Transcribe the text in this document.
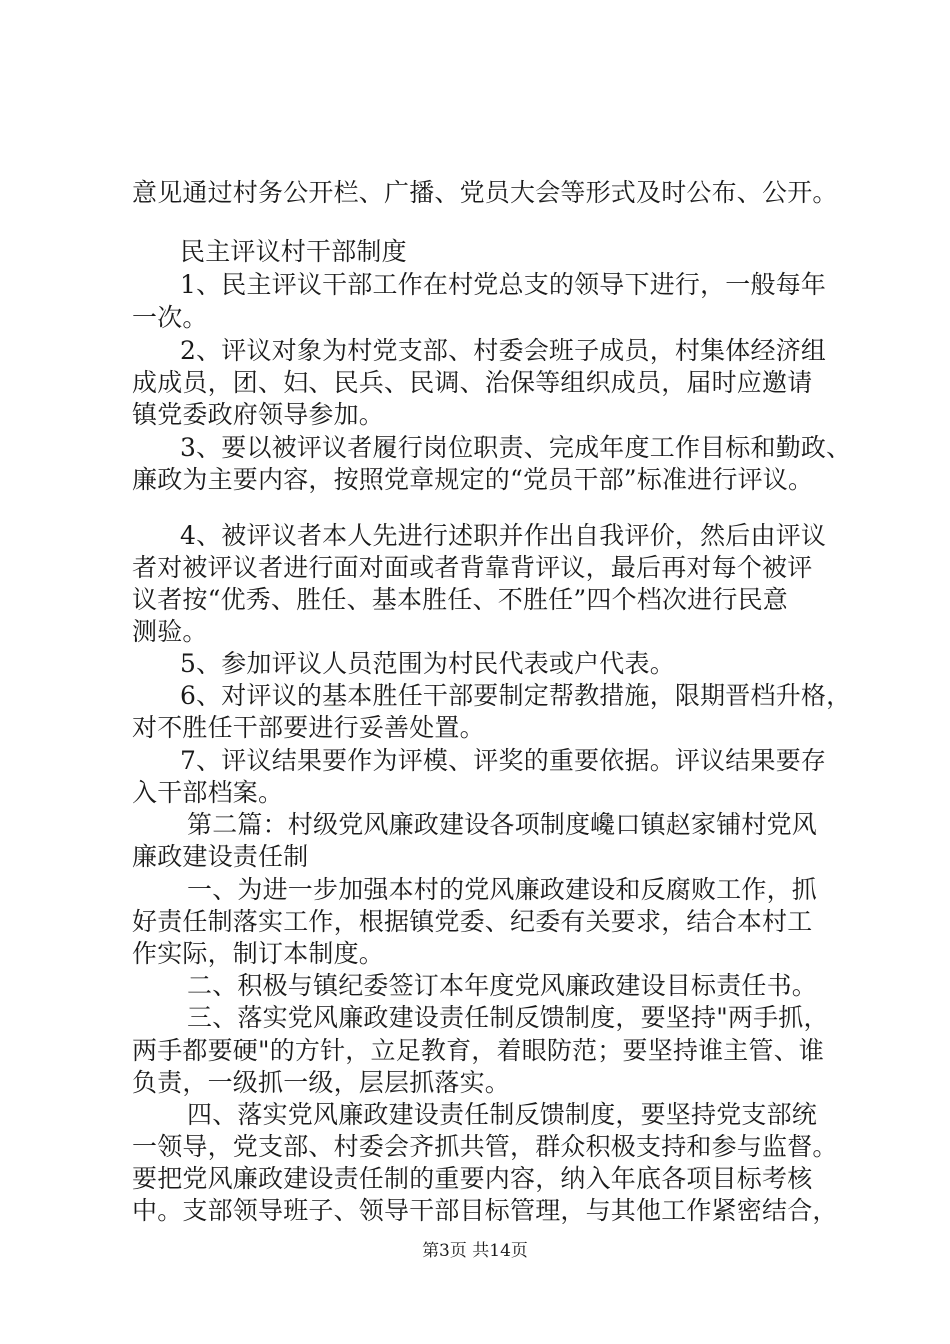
意见通过村务公开栏、广播、党员大会等形式及时公布、公开。
民主评议村干部制度
1、民主评议干部工作在村党总支的领导下进行，一般每年
一次。
2、评议对象为村党支部、村委会班子成员，村集体经济组
成成员，团、妇、民兵、民调、治保等组织成员，届时应邀请
镇党委政府领导参加。
3、要以被评议者履行岗位职责、完成年度工作目标和勤政、
廉政为主要内容，按照党章规定的“党员干部”标准进行评议。
4、被评议者本人先进行述职并作出自我评价，然后由评议
者对被评议者进行面对面或者背靠背评议，最后再对每个被评
议者按“优秀、胜任、基本胜任、不胜任”四个档次进行民意
测验。
5、参加评议人员范围为村民代表或户代表。
6、对评议的基本胜任干部要制定帮教措施，限期晋档升格，
对不胜任干部要进行妥善处置。
7、评议结果要作为评模、评奖的重要依据。评议结果要存
入干部档案。
第二篇：村级党风廉政建设各项制度巉口镇赵家铺村党风
廉政建设责任制
一、为进一步加强本村的党风廉政建设和反腐败工作，抓
好责任制落实工作，根据镇党委、纪委有关要求，结合本村工
作实际，制订本制度。
二、积极与镇纪委签订本年度党风廉政建设目标责任书。
三、落实党风廉政建设责任制反馈制度，要坚持"两手抓，
两手都要硬"的方针，立足教育，着眼防范；要坚持谁主管、谁
负责，一级抓一级，层层抓落实。
四、落实党风廉政建设责任制反馈制度，要坚持党支部统
一领导，党支部、村委会齐抓共管，群众积极支持和参与监督。
要把党风廉政建设责任制的重要内容，纳入年底各项目标考核
中。支部领导班子、领导干部目标管理，与其他工作紧密结合，
第3页 共14页
